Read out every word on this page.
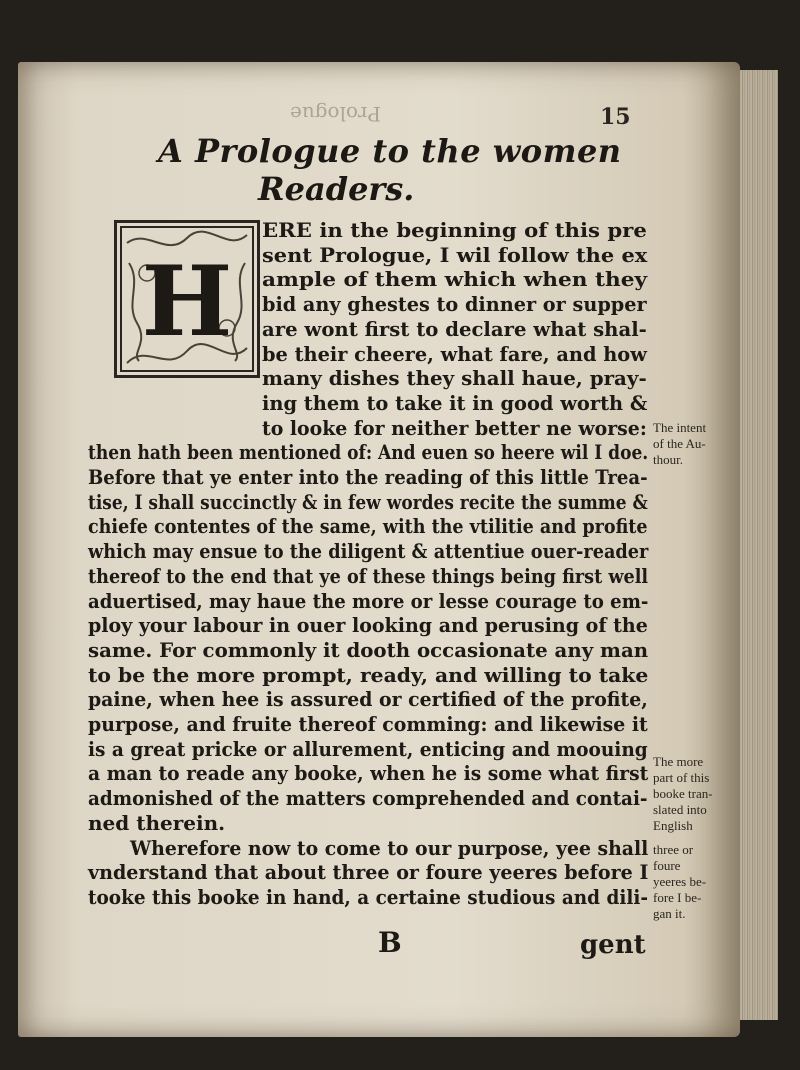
Prologue	15
A Prologue to the women
Readers.
H
ERE in the beginning of this pre
sent Prologue, I wil follow the ex
ample of them which when they
bid any ghestes to dinner or supper
are wont first to declare what shal-
be their cheere, what fare, and how
many dishes they shall haue, pray-
ing them to take it in good worth &
to looke for neither better ne worse:
then hath been mentioned of: And euen so heere wil I doe.
Before that ye enter into the reading of this little Trea-
tise, I shall succinctly & in few wordes recite the summe &
chiefe contentes of the same, with the vtilitie and profite
which may ensue to the diligent & attentiue ouer-reader
thereof to the end that ye of these things being first well
aduertised, may haue the more or lesse courage to em-
ploy your labour in ouer looking and perusing of the
same. For commonly it dooth occasionate any man
to be the more prompt, ready, and willing to take
paine, when hee is assured or certified of the profite,
purpose, and fruite thereof comming: and likewise it
is a great pricke or allurement, enticing and moouing
a man to reade any booke, when he is some what first
admonished of the matters comprehended and contai-
ned therein.
Wherefore now to come to our purpose, yee shall
vnderstand that about three or foure yeeres before I
tooke this booke in hand, a certaine studious and dili-
The intent
of the Au-
thour.
The more
part of this
booke tran-
slated into
English
three or
foure
yeeres be-
fore I be-
gan it.
B	gent
